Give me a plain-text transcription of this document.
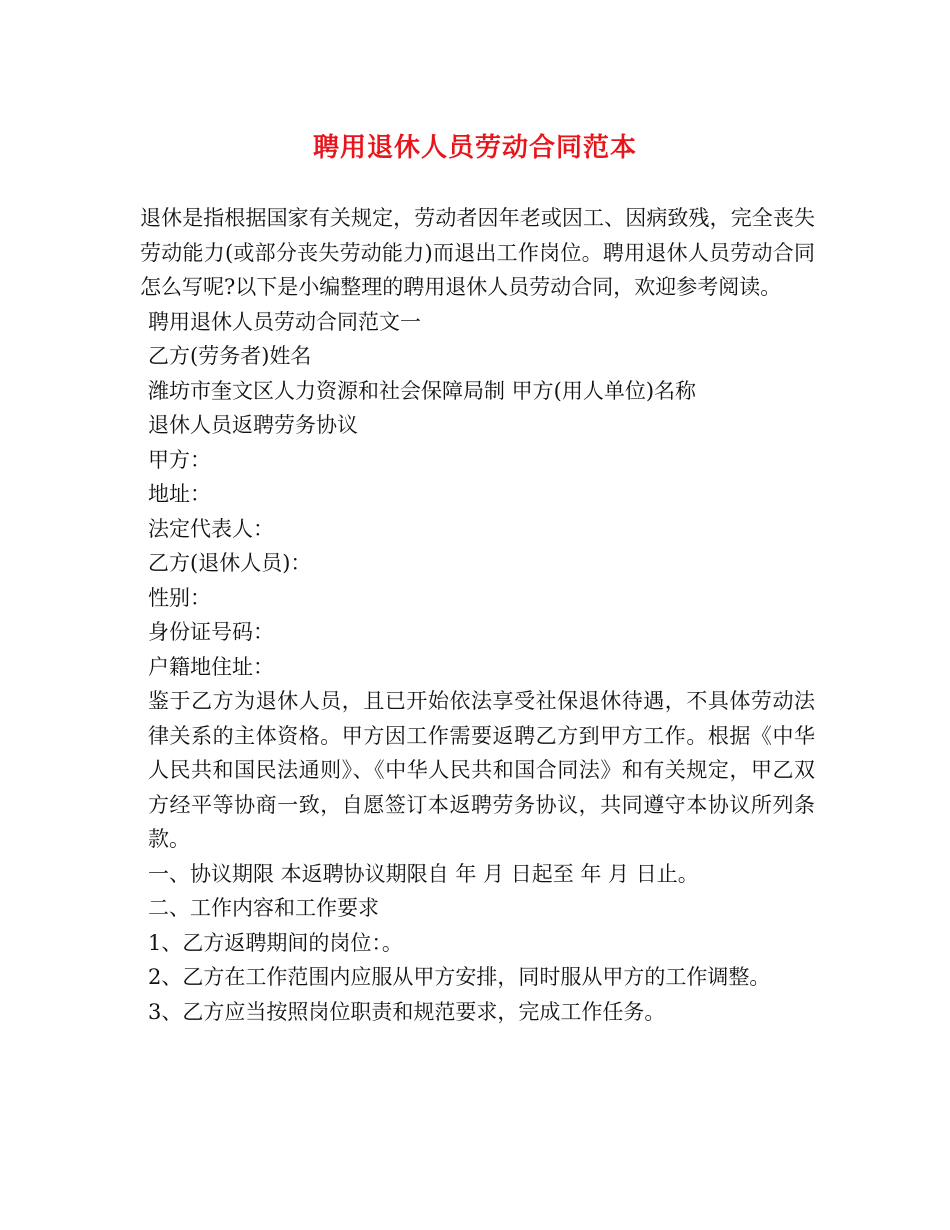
聘用退休人员劳动合同范本

退休是指根据国家有关规定，劳动者因年老或因工、因病致残，完全丧失劳动能力(或部分丧失劳动能力)而退出工作岗位。聘用退休人员劳动合同怎么写呢?以下是小编整理的聘用退休人员劳动合同，欢迎参考阅读。

聘用退休人员劳动合同范文一

乙方(劳务者)姓名

潍坊市奎文区人力资源和社会保障局制 甲方(用人单位)名称

退休人员返聘劳务协议

甲方：

地址：

法定代表人：

乙方(退休人员)：

性别：

身份证号码：

户籍地住址：

鉴于乙方为退休人员，且已开始依法享受社保退休待遇，不具体劳动法律关系的主体资格。甲方因工作需要返聘乙方到甲方工作。根据《中华人民共和国民法通则》、《中华人民共和国合同法》和有关规定，甲乙双方经平等协商一致，自愿签订本返聘劳务协议，共同遵守本协议所列条款。

一、协议期限 本返聘协议期限自 年 月 日起至 年 月 日止。

二、工作内容和工作要求

1、乙方返聘期间的岗位：。

2、乙方在工作范围内应服从甲方安排，同时服从甲方的工作调整。

3、乙方应当按照岗位职责和规范要求，完成工作任务。
